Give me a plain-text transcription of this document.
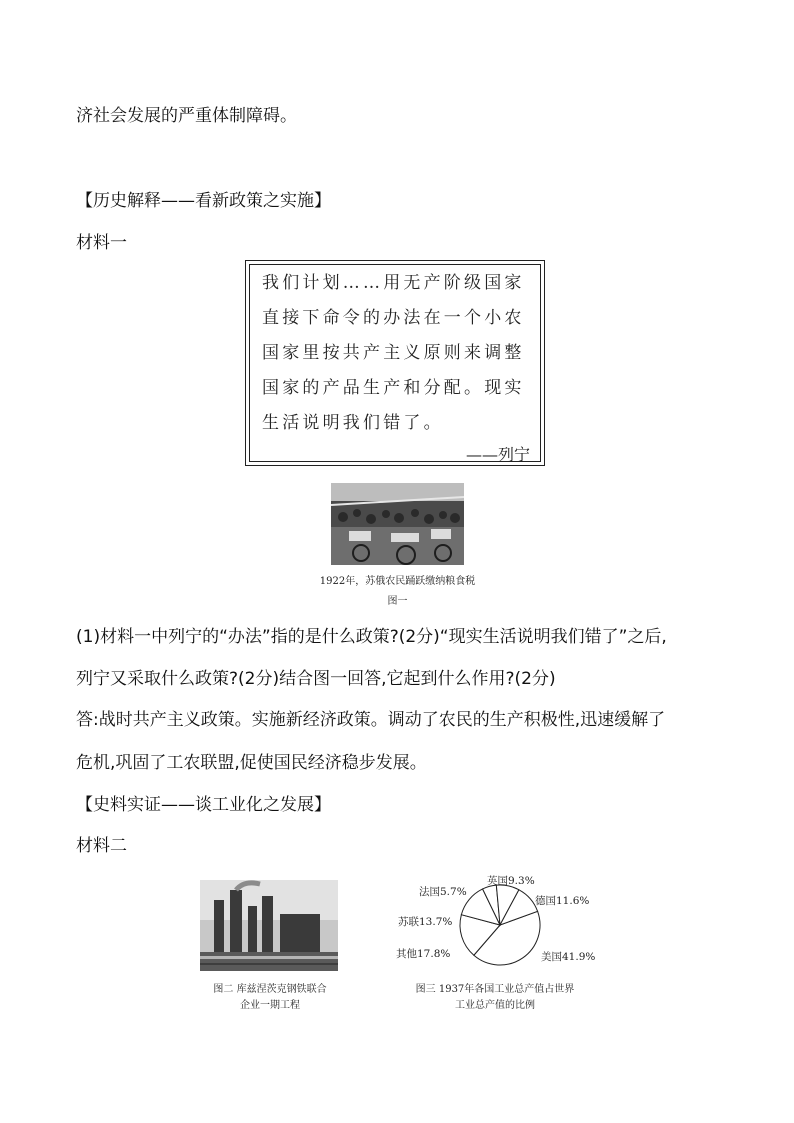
济社会发展的严重体制障碍。
【历史解释——看新政策之实施】
材料一
我们计划……用无产阶级国家
直接下命令的办法在一个小农
国家里按共产主义原则来调整
国家的产品生产和分配。现实
生活说明我们错了。
——列宁
1922年，苏俄农民踊跃缴纳粮食税
图一
(1)材料一中列宁的“办法”指的是什么政策?(2分)“现实生活说明我们错了”之后,
列宁又采取什么政策?(2分)结合图一回答,它起到什么作用?(2分)
答:战时共产主义政策。实施新经济政策。调动了农民的生产积极性,迅速缓解了
危机,巩固了工农联盟,促使国民经济稳步发展。
【史料实证——谈工业化之发展】
材料二
图二 库兹涅茨克钢铁联合
企业一期工程
英国9.3%
法国5.7%
德国11.6%
苏联13.7%
其他17.8%	美国41.9%
图三 1937年各国工业总产值占世界
工业总产值的比例
